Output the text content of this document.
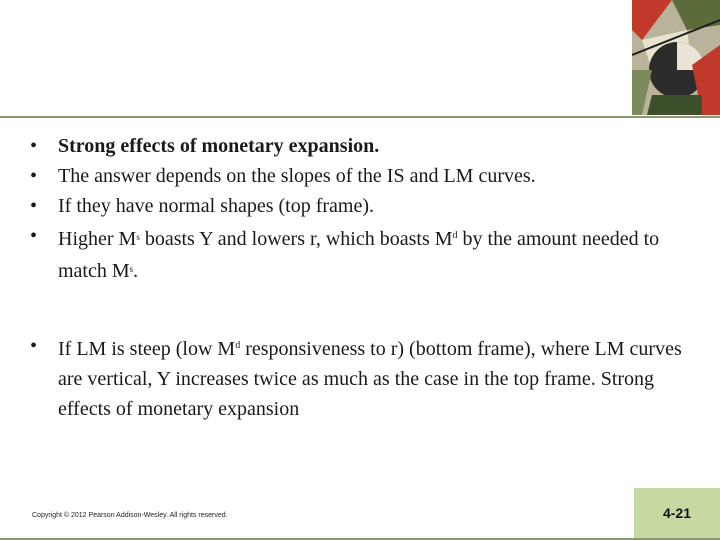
• Strong effects of monetary expansion.
• The answer depends on the slopes of the IS and LM curves.
• If they have normal shapes (top frame).
• Higher $M^s$ boasts Y and lowers r, which boasts $M^d$ by the amount needed to match $M^s$.
• If LM is steep (low $M^d$ responsiveness to r) (bottom frame), where LM curves are vertical, Y increases twice as much as the case in the top frame. Strong effects of monetary expansion
Copyright © 2012 Pearson Addison-Wesley. All rights reserved.	4-21
